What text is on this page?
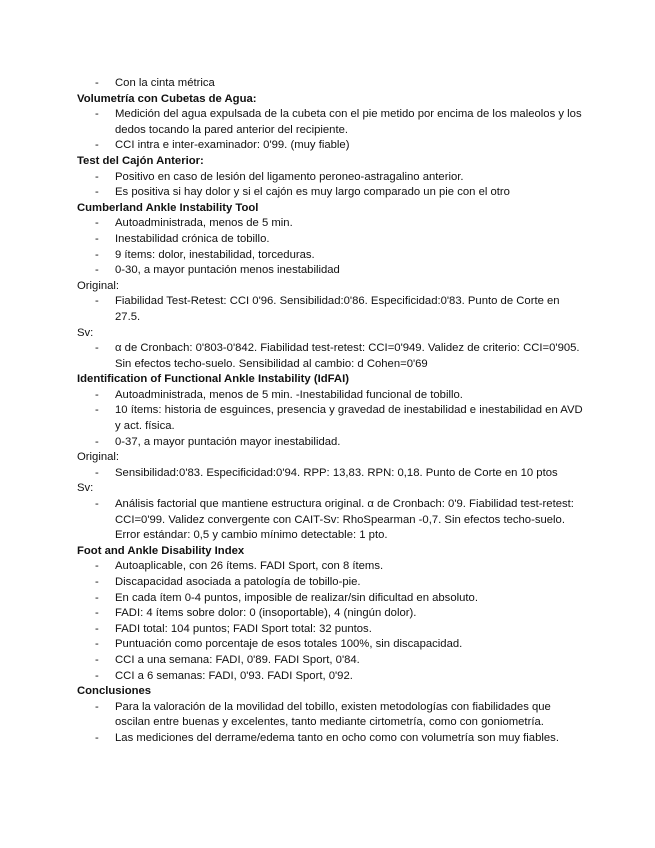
- Con la cinta métrica
Volumetría con Cubetas de Agua:
- Medición del agua expulsada de la cubeta con el pie metido por encima de los maleolos y los dedos tocando la pared anterior del recipiente.
- CCI intra e inter-examinador: 0'99. (muy fiable)
Test del Cajón Anterior:
- Positivo en caso de lesión del ligamento peroneo-astragalino anterior.
- Es positiva si hay dolor y si el cajón es muy largo comparado un pie con el otro
Cumberland Ankle Instability Tool
- Autoadministrada, menos de 5 min.
- Inestabilidad crónica de tobillo.
- 9 ítems: dolor, inestabilidad, torceduras.
- 0-30, a mayor puntación menos inestabilidad
Original:
- Fiabilidad Test-Retest: CCI 0'96. Sensibilidad:0'86. Especificidad:0'83. Punto de Corte en 27.5.
Sv:
- α de Cronbach: 0'803-0'842. Fiabilidad test-retest: CCI=0'949. Validez de criterio: CCI=0'905. Sin efectos techo-suelo. Sensibilidad al cambio: d Cohen=0'69
Identification of Functional Ankle Instability (IdFAI)
- Autoadministrada, menos de 5 min. -Inestabilidad funcional de tobillo.
- 10 ítems: historia de esguinces, presencia y gravedad de inestabilidad e inestabilidad en AVD y act. física.
- 0-37, a mayor puntación mayor inestabilidad.
Original:
- Sensibilidad:0'83. Especificidad:0'94. RPP: 13,83. RPN: 0,18. Punto de Corte en 10 ptos
Sv:
- Análisis factorial que mantiene estructura original. α de Cronbach: 0'9. Fiabilidad test-retest: CCI=0'99. Validez convergente con CAIT-Sv: RhoSpearman -0,7. Sin efectos techo-suelo. Error estándar: 0,5 y cambio mínimo detectable: 1 pto.
Foot and Ankle Disability Index
- Autoaplicable, con 26 ítems. FADI Sport, con 8 ítems.
- Discapacidad asociada a patología de tobillo-pie.
- En cada ítem 0-4 puntos, imposible de realizar/sin dificultad en absoluto.
- FADI: 4 ítems sobre dolor: 0 (insoportable), 4 (ningún dolor).
- FADI total: 104 puntos; FADI Sport total: 32 puntos.
- Puntuación como porcentaje de esos totales 100%, sin discapacidad.
- CCI a una semana: FADI, 0'89. FADI Sport, 0'84.
- CCI a 6 semanas: FADI, 0'93. FADI Sport, 0'92.
Conclusiones
- Para la valoración de la movilidad del tobillo, existen metodologías con fiabilidades que oscilan entre buenas y excelentes, tanto mediante cirtometría, como con goniometría.
- Las mediciones del derrame/edema tanto en ocho como con volumetría son muy fiables.
